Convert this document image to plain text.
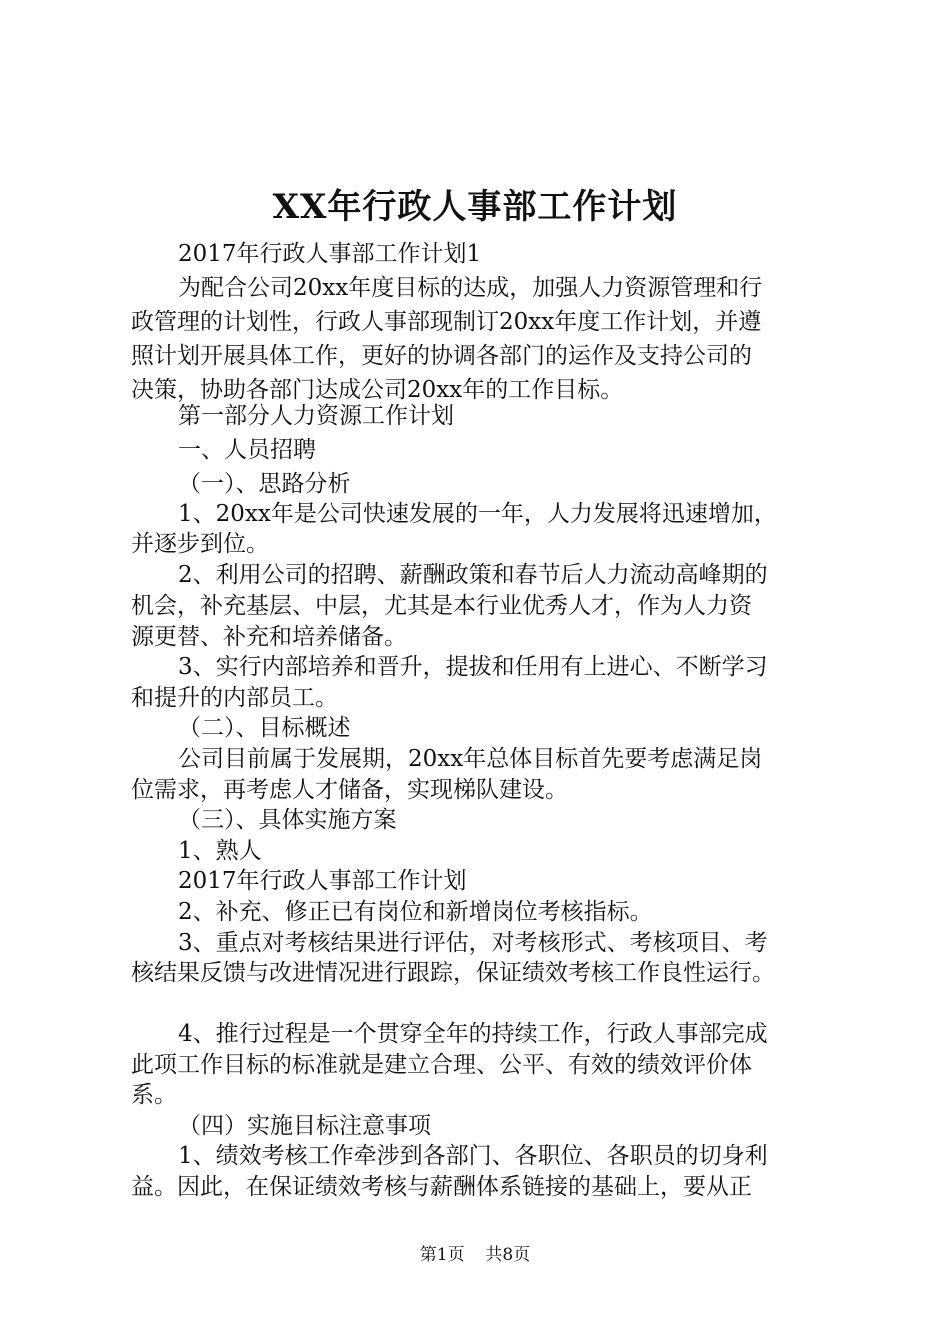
XX年行政人事部工作计划
2017年行政人事部工作计划1
为配合公司20xx年度目标的达成，加强人力资源管理和行
政管理的计划性，行政人事部现制订20xx年度工作计划，并遵
照计划开展具体工作，更好的协调各部门的运作及支持公司的
决策，协助各部门达成公司20xx年的工作目标。
第一部分人力资源工作计划
一、人员招聘
（一）、思路分析
1、20xx年是公司快速发展的一年，人力发展将迅速增加，
并逐步到位。
2、利用公司的招聘、薪酬政策和春节后人力流动高峰期的
机会，补充基层、中层，尤其是本行业优秀人才，作为人力资
源更替、补充和培养储备。
3、实行内部培养和晋升，提拔和任用有上进心、不断学习
和提升的内部员工。
（二）、目标概述
公司目前属于发展期，20xx年总体目标首先要考虑满足岗
位需求，再考虑人才储备，实现梯队建设。
（三）、具体实施方案
1、熟人
2017年行政人事部工作计划
2、补充、修正已有岗位和新增岗位考核指标。
3、重点对考核结果进行评估，对考核形式、考核项目、考
核结果反馈与改进情况进行跟踪，保证绩效考核工作良性运行。
4、推行过程是一个贯穿全年的持续工作，行政人事部完成
此项工作目标的标准就是建立合理、公平、有效的绩效评价体
系。
（四）实施目标注意事项
1、绩效考核工作牵涉到各部门、各职位、各职员的切身利
益。因此，在保证绩效考核与薪酬体系链接的基础上，要从正
第1页 共8页
